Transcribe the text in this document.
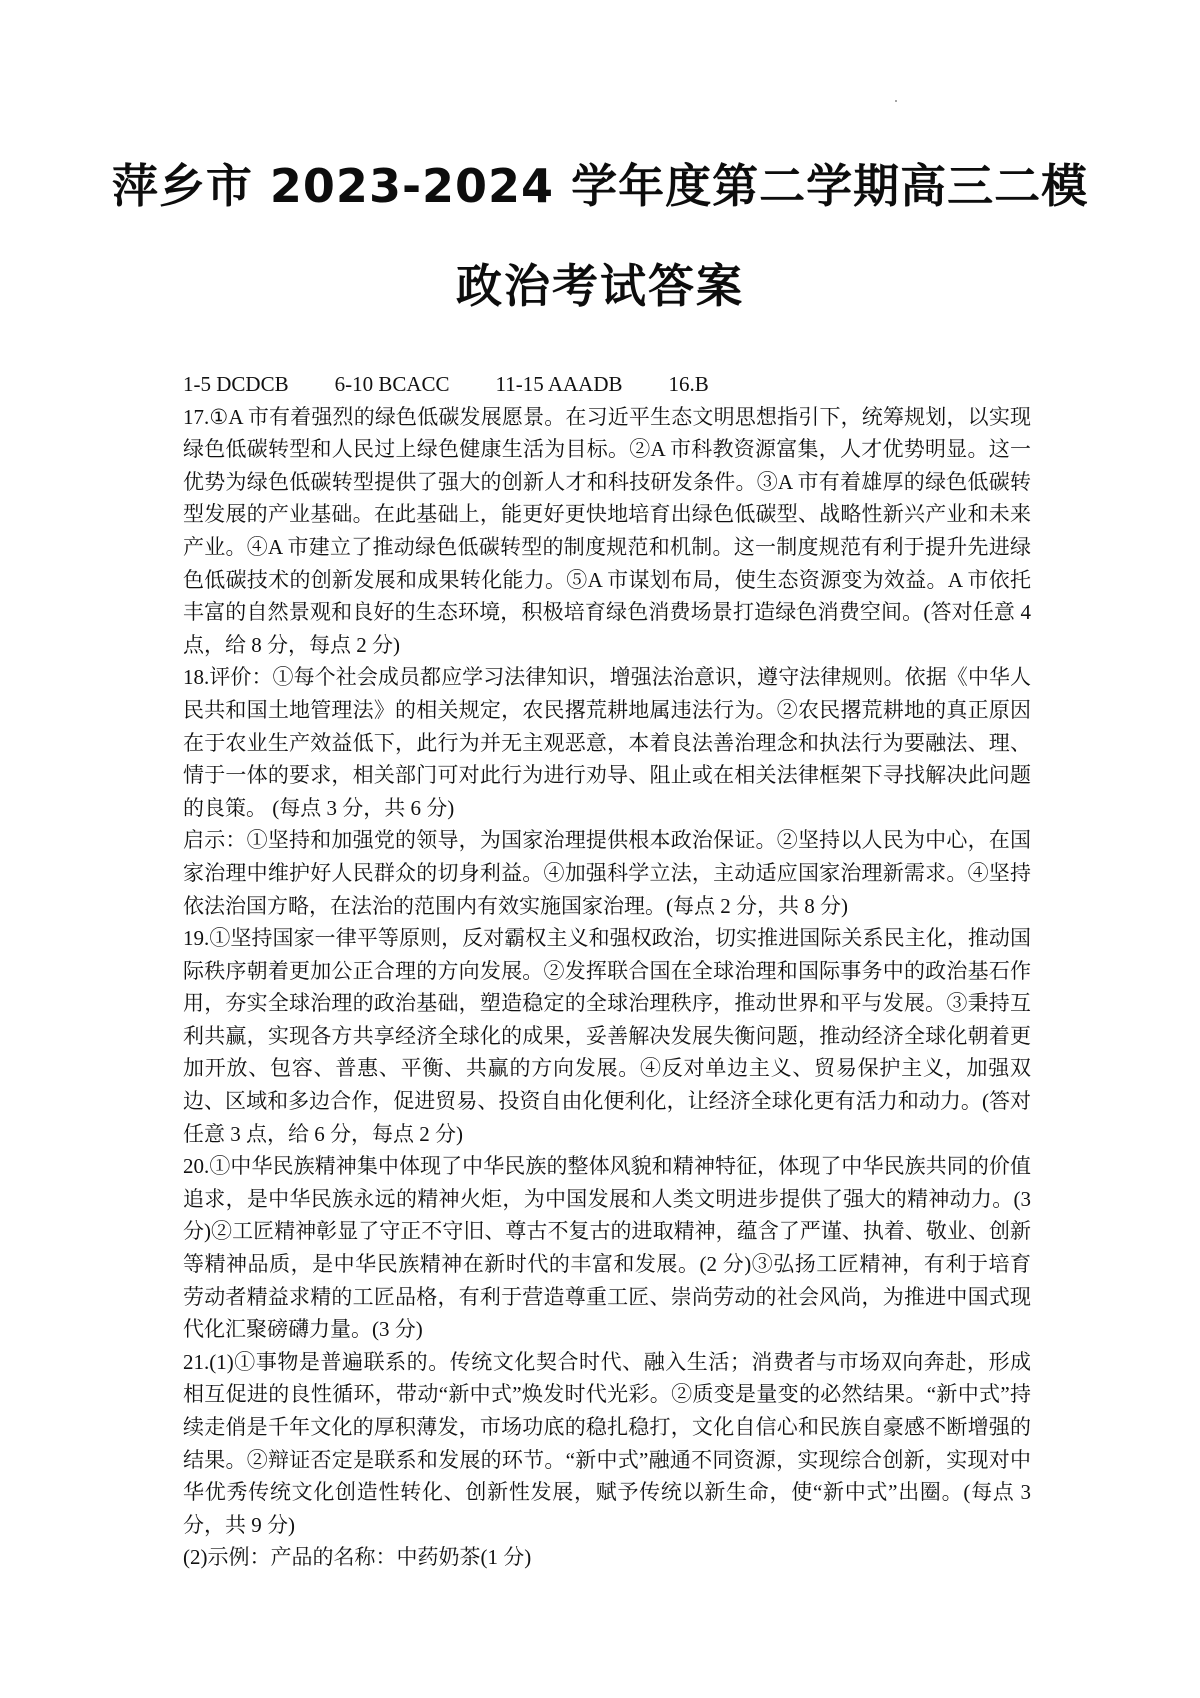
萍乡市 2023-2024 学年度第二学期高三二模
政治考试答案

1-5 DCDCB 6-10 BCACC 11-15 AAADB 16.B

17.①A 市有着强烈的绿色低碳发展愿景。在习近平生态文明思想指引下，统筹规划，以实现绿色低碳转型和人民过上绿色健康生活为目标。②A 市科教资源富集，人才优势明显。这一优势为绿色低碳转型提供了强大的创新人才和科技研发条件。③A 市有着雄厚的绿色低碳转型发展的产业基础。在此基础上，能更好更快地培育出绿色低碳型、战略性新兴产业和未来产业。④A 市建立了推动绿色低碳转型的制度规范和机制。这一制度规范有利于提升先进绿色低碳技术的创新发展和成果转化能力。⑤A 市谋划布局，使生态资源变为效益。A 市依托丰富的自然景观和良好的生态环境，积极培育绿色消费场景打造绿色消费空间。(答对任意 4 点，给 8 分，每点 2 分)

18.评价：①每个社会成员都应学习法律知识，增强法治意识，遵守法律规则。依据《中华人民共和国土地管理法》的相关规定，农民撂荒耕地属违法行为。②农民撂荒耕地的真正原因在于农业生产效益低下，此行为并无主观恶意，本着良法善治理念和执法行为要融法、理、情于一体的要求，相关部门可对此行为进行劝导、阻止或在相关法律框架下寻找解决此问题的良策。 (每点 3 分，共 6 分)

启示：①坚持和加强党的领导，为国家治理提供根本政治保证。②坚持以人民为中心，在国家治理中维护好人民群众的切身利益。④加强科学立法，主动适应国家治理新需求。④坚持依法治国方略，在法治的范围内有效实施国家治理。(每点 2 分，共 8 分)

19.①坚持国家一律平等原则，反对霸权主义和强权政治，切实推进国际关系民主化，推动国际秩序朝着更加公正合理的方向发展。②发挥联合国在全球治理和国际事务中的政治基石作用，夯实全球治理的政治基础，塑造稳定的全球治理秩序，推动世界和平与发展。③秉持互利共赢，实现各方共享经济全球化的成果，妥善解决发展失衡问题，推动经济全球化朝着更加开放、包容、普惠、平衡、共赢的方向发展。④反对单边主义、贸易保护主义，加强双边、区域和多边合作，促进贸易、投资自由化便利化，让经济全球化更有活力和动力。(答对任意 3 点，给 6 分，每点 2 分)

20.①中华民族精神集中体现了中华民族的整体风貌和精神特征，体现了中华民族共同的价值追求，是中华民族永远的精神火炬，为中国发展和人类文明进步提供了强大的精神动力。(3 分)②工匠精神彰显了守正不守旧、尊古不复古的进取精神，蕴含了严谨、执着、敬业、创新等精神品质，是中华民族精神在新时代的丰富和发展。(2 分)③弘扬工匠精神，有利于培育劳动者精益求精的工匠品格，有利于营造尊重工匠、崇尚劳动的社会风尚，为推进中国式现代化汇聚磅礴力量。(3 分)

21.(1)①事物是普遍联系的。传统文化契合时代、融入生活；消费者与市场双向奔赴，形成相互促进的良性循环，带动“新中式”焕发时代光彩。②质变是量变的必然结果。“新中式”持续走俏是千年文化的厚积薄发，市场功底的稳扎稳打，文化自信心和民族自豪感不断增强的结果。②辩证否定是联系和发展的环节。“新中式”融通不同资源，实现综合创新，实现对中华优秀传统文化创造性转化、创新性发展，赋予传统以新生命，使“新中式”出圈。(每点 3 分，共 9 分)

(2)示例：产品的名称：中药奶茶(1 分)
